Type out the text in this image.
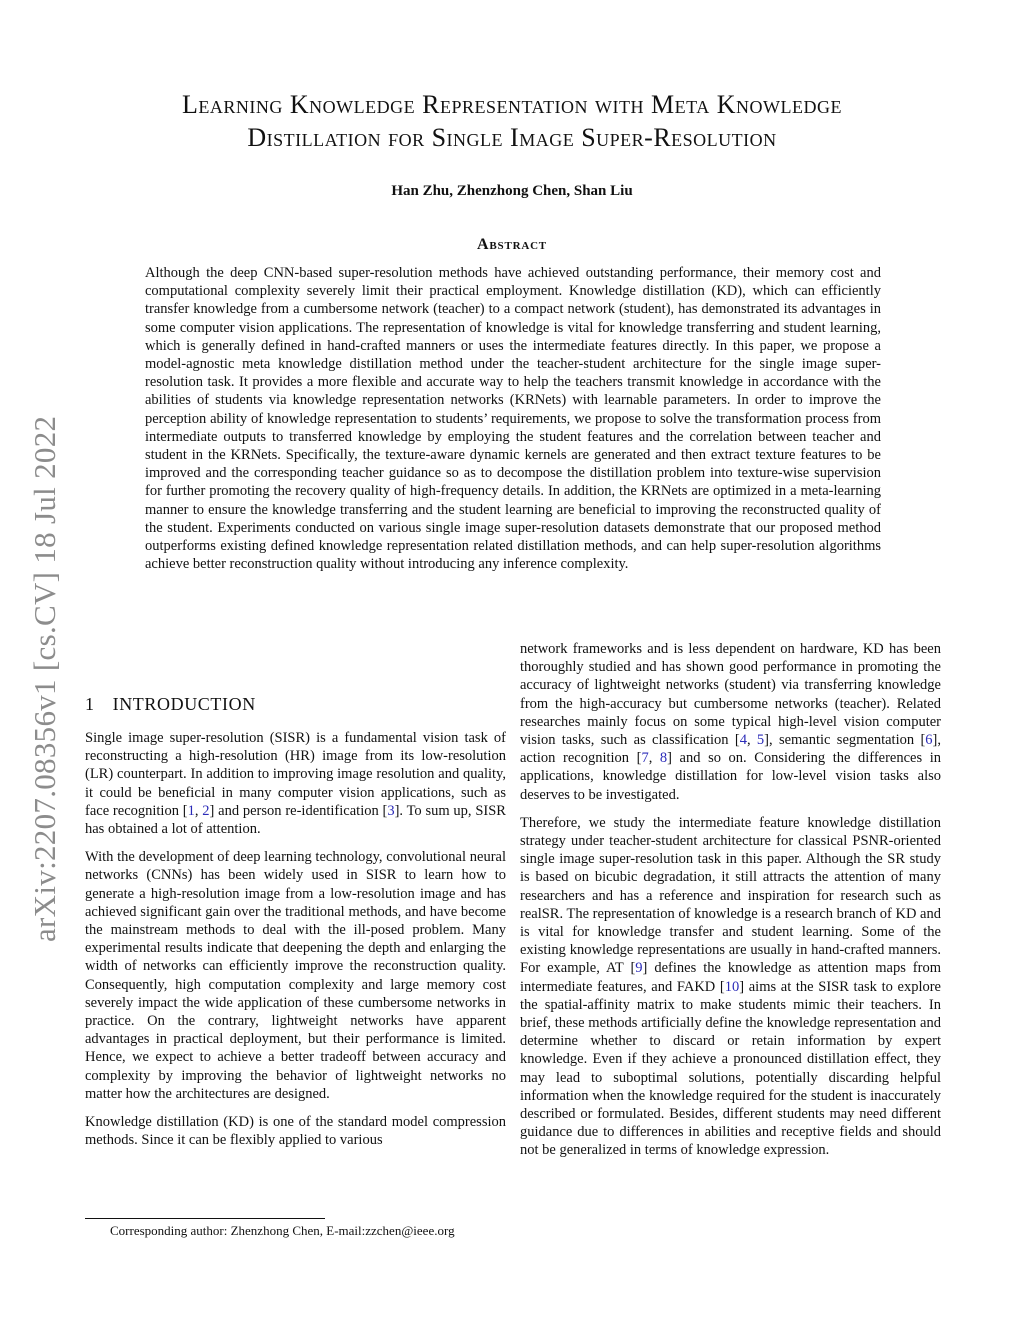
Learning Knowledge Representation with Meta Knowledge
Distillation for Single Image Super-Resolution
Han Zhu, Zhenzhong Chen, Shan Liu
Abstract
Although the deep CNN-based super-resolution methods have achieved outstanding performance, their memory cost and computational complexity severely limit their practical employment. Knowledge distillation (KD), which can efficiently transfer knowledge from a cumbersome network (teacher) to a compact network (student), has demonstrated its advantages in some computer vision applications. The representation of knowledge is vital for knowledge transferring and student learning, which is generally defined in hand-crafted manners or uses the intermediate features directly. In this paper, we propose a model-agnostic meta knowledge distillation method under the teacher-student architecture for the single image super-resolution task. It provides a more flexible and accurate way to help the teachers transmit knowledge in accordance with the abilities of students via knowledge representation networks (KRNets) with learnable parameters. In order to improve the perception ability of knowledge representation to students’ requirements, we propose to solve the transformation process from intermediate outputs to transferred knowledge by employing the student features and the correlation between teacher and student in the KRNets. Specifically, the texture-aware dynamic kernels are generated and then extract texture features to be improved and the corresponding teacher guidance so as to decompose the distillation problem into texture-wise supervision for further promoting the recovery quality of high-frequency details. In addition, the KRNets are optimized in a meta-learning manner to ensure the knowledge transferring and the student learning are beneficial to improving the reconstructed quality of the student. Experiments conducted on various single image super-resolution datasets demonstrate that our proposed method outperforms existing defined knowledge representation related distillation methods, and can help super-resolution algorithms achieve better reconstruction quality without introducing any inference complexity.
arXiv:2207.08356v1 [cs.CV] 18 Jul 2022 1 INTRODUCTION

Single image super-resolution (SISR) is a fundamental vision task of reconstructing a high-resolution (HR) image from its low-resolution (LR) counterpart. In addition to improving image resolution and quality, it could be beneficial in many computer vision applications, such as face recognition [1, 2] and person re-identification [3]. To sum up, SISR has obtained a lot of attention.

With the development of deep learning technology, convolutional neural networks (CNNs) has been widely used in SISR to learn how to generate a high-resolution image from a low-resolution image and has achieved significant gain over the traditional methods, and have become the mainstream methods to deal with the ill-posed problem. Many experimental results indicate that deepening the depth and enlarging the width of networks can efficiently improve the reconstruction quality. Consequently, high computation complexity and large memory cost severely impact the wide application of these cumbersome networks in practice. On the contrary, lightweight networks have apparent advantages in practical deployment, but their performance is limited. Hence, we expect to achieve a better tradeoff between accuracy and complexity by improving the behavior of lightweight networks no matter how the architectures are designed.

Knowledge distillation (KD) is one of the standard model compression methods. Since it can be flexibly applied to various

network frameworks and is less dependent on hardware, KD has been thoroughly studied and has shown good performance in promoting the accuracy of lightweight networks (student) via transferring knowledge from the high-accuracy but cumbersome networks (teacher). Related researches mainly focus on some typical high-level vision computer vision tasks, such as classification [4, 5], semantic segmentation [6], action recognition [7, 8] and so on. Considering the differences in applications, knowledge distillation for low-level vision tasks also deserves to be investigated.

Therefore, we study the intermediate feature knowledge distillation strategy under teacher-student architecture for classical PSNR-oriented single image super-resolution task in this paper. Although the SR study is based on bicubic degradation, it still attracts the attention of many researchers and has a reference and inspiration for research such as realSR. The representation of knowledge is a research branch of KD and is vital for knowledge transfer and student learning. Some of the existing knowledge representations are usually in hand-crafted manners. For example, AT [9] defines the knowledge as attention maps from intermediate features, and FAKD [10] aims at the SISR task to explore the spatial-affinity matrix to make students mimic their teachers. In brief, these methods artificially define the knowledge representation and determine whether to discard or retain information by expert knowledge. Even if they achieve a pronounced distillation effect, they may lead to suboptimal solutions, potentially discarding helpful information when the knowledge required for the student is inaccurately described or formulated. Besides, different students may need different guidance due to differences in abilities and receptive fields and should not be generalized in terms of knowledge expression.

Corresponding author: Zhenzhong Chen, E-mail:zzchen@ieee.org
